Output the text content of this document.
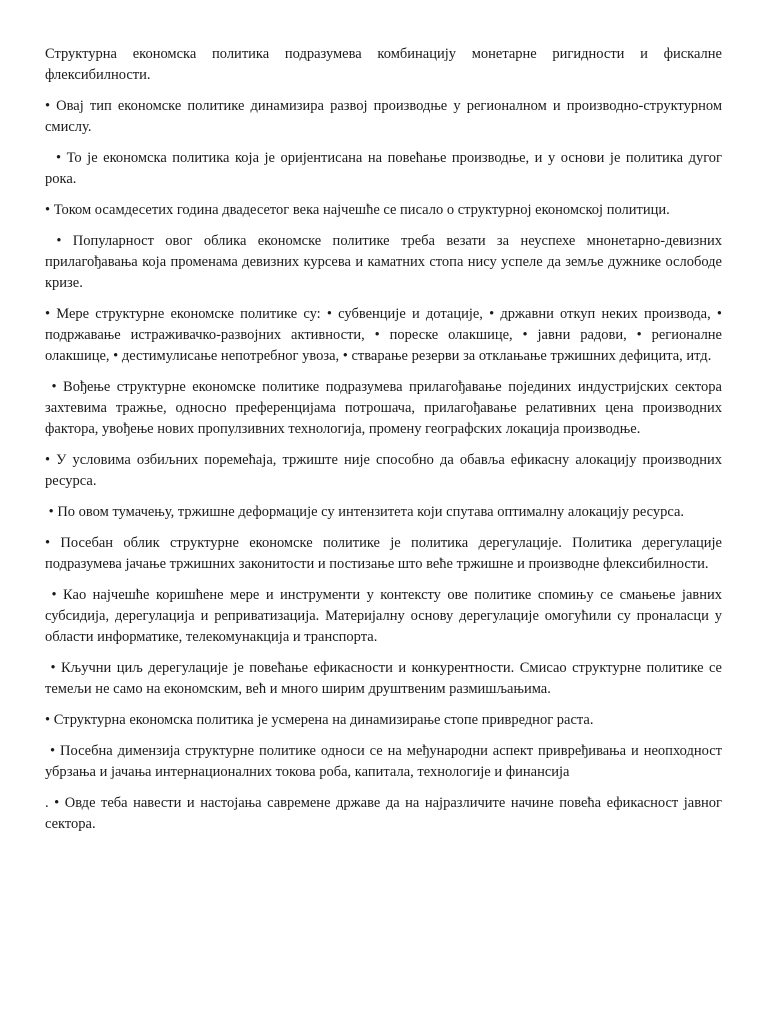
Структурна економска политика подразумева комбинацију монетарне ригидности и фискалне флексибилности.

• Овај тип економске политике динамизира развој производње у регионалном и производно-структурном смислу.

• То је економска политика која је оријентисана на повећање производње, и у основи је политика дугог рока.

• Током осамдесетих година двадесетог века најчешће се писало о структурној економској политици.

• Популарност овог облика економске политике треба везати за неуспехе мнонетарно-девизних прилагођавања која променама девизних курсева и каматних стопа нису успеле да земље дужнике ослободе кризе.

• Мере структурне економске политике су: • субвенције и дотације, • државни откуп неких производа, • подржавање истраживачко-развојних активности, • пореске олакшице, • јавни радови, • регионалне олакшице, • дестимулисање непотребног увоза, • стварање резерви за отклањање тржишних дефицита, итд.

• Вођење структурне економске политике подразумева прилагођавање појединих индустријских сектора захтевима тражње, односно преференцијама потрошача, прилагођавање релативних цена производних фактора, увођење нових пропулзивних технологија, промену географских локација производње.

• У условима озбиљних поремећаја, тржиште није способно да обавља ефикасну алокацију производних ресурса.

• По овом тумачењу, тржишне деформације су интензитета који спутава оптималну алокацију ресурса.

• Посебан облик структурне економске политике је политика дерегулације. Политика дерегулације подразумева јачање тржишних законитости и постизање што веће тржишне и производне флексибилности.

• Као најчешће коришћене мере и инструменти у контексту ове политике спомињу се смањење јавних субсидија, дерегулација и реприватизација. Материјалну основу дерегулације омогућили су проналасци у области информатике, телекомунакција и транспорта.

• Кључни циљ дерегулације је повећање ефикасности и конкурентности. Смисао структурне политике се темељи не само на економским, већ и много ширим друштвеним размишљањима.

• Структурна економска политика је усмерена на динамизирање стопе привредног раста.

• Посебна димензија структурне политике односи се на међународни аспект привређивања и неопходност убрзања и јачања интернационалних токова роба, капитала, технологије и финансија

. • Овде теба навести и настојања савремене државе да на најразличите начине повећа ефикасност јавног сектора.
